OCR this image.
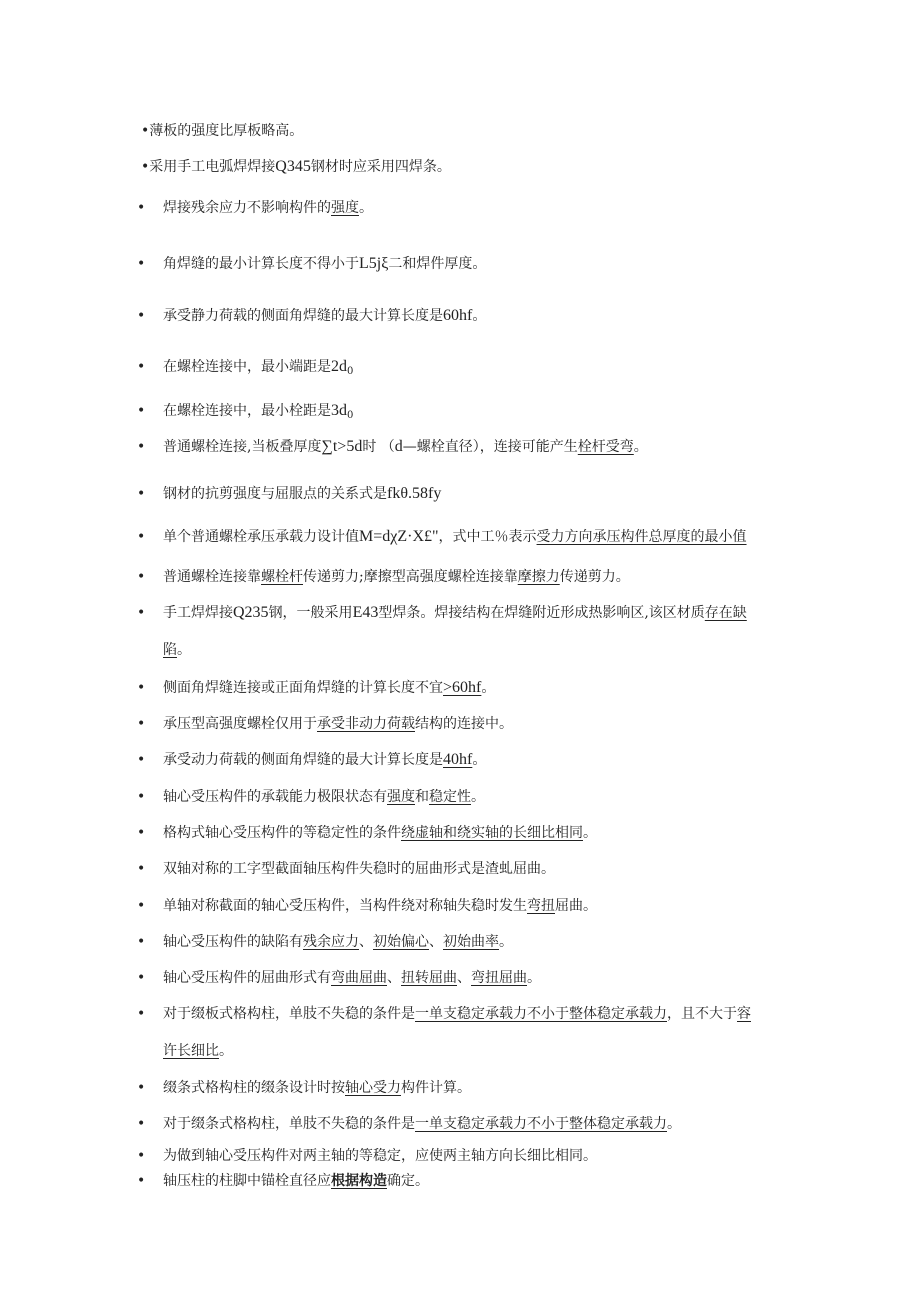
•薄板的强度比厚板略高。
•采用手工电弧焊焊接Q345钢材时应采用四焊条。
• 焊接残余应力不影响构件的强度。
• 角焊缝的最小计算长度不得小于L5jξ二和焊件厚度。
• 承受静力荷载的侧面角焊缝的最大计算长度是60hf。
• 在螺栓连接中，最小端距是$2d_0$
• 在螺栓连接中，最小栓距是$3d_0$
• 普通螺栓连接,当板叠厚度∑t>5d时 （d—螺栓直径），连接可能产生栓杆受弯。
• 钢材的抗剪强度与屈服点的关系式是fkθ.58fy
• 单个普通螺栓承压承载力设计值M=dχZ·X£"，式中工％表示受力方向承压构件总厚度的最小值
• 普通螺栓连接靠螺栓杆传递剪力;摩擦型高强度螺栓连接靠摩擦力传递剪力。
• 手工焊焊接Q235钢，一般采用E43型焊条。焊接结构在焊缝附近形成热影响区,该区材质存在缺
陷。
• 侧面角焊缝连接或正面角焊缝的计算长度不宜>60hf。
• 承压型高强度螺栓仅用于承受非动力荷载结构的连接中。
• 承受动力荷载的侧面角焊缝的最大计算长度是40hf。
• 轴心受压构件的承载能力极限状态有强度和稳定性。
• 格构式轴心受压构件的等稳定性的条件绕虚轴和绕实轴的长细比相同。
• 双轴对称的工字型截面轴压构件失稳时的屈曲形式是渣虬屈曲。
• 单轴对称截面的轴心受压构件，当构件绕对称轴失稳时发生弯扭屈曲。
• 轴心受压构件的缺陷有残余应力、初始偏心、初始曲率。
• 轴心受压构件的屈曲形式有弯曲屈曲、扭转屈曲、弯扭屈曲。
• 对于缀板式格构柱，单肢不失稳的条件是一单支稳定承载力不小于整体稳定承载力，且不大于容
许长细比。
• 缀条式格构柱的缀条设计时按轴心受力构件计算。
• 对于缀条式格构柱，单肢不失稳的条件是一单支稳定承载力不小于整体稳定承载力。
• 为做到轴心受压构件对两主轴的等稳定，应使两主轴方向长细比相同。
• 轴压柱的柱脚中锚栓直径应根据构造确定。
